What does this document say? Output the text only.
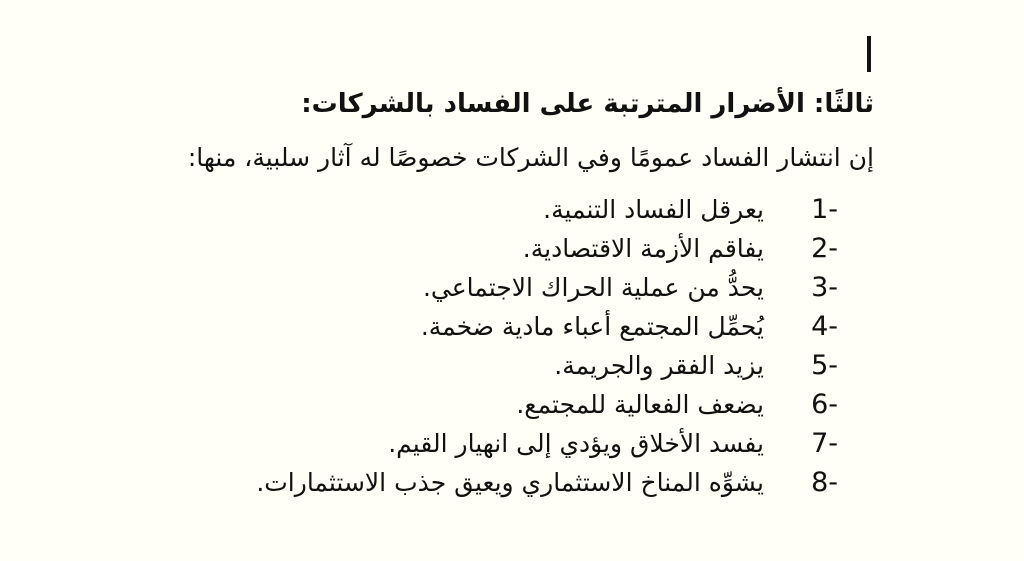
ثالثًا: الأضرار المترتبة على الفساد بالشركات:
إن انتشار الفساد عمومًا وفي الشركات خصوصًا له آثار سلبية، منها:
1-
يعرقل الفساد التنمية.
2-
يفاقم الأزمة الاقتصادية.
3-
يحدُّ من عملية الحراك الاجتماعي.
4-
يُحمِّل المجتمع أعباء مادية ضخمة.
5-
يزيد الفقر والجريمة.
6-
يضعف الفعالية للمجتمع.
7-
يفسد الأخلاق ويؤدي إلى انهيار القيم.
8-
يشوِّه المناخ الاستثماري ويعيق جذب الاستثمارات.
